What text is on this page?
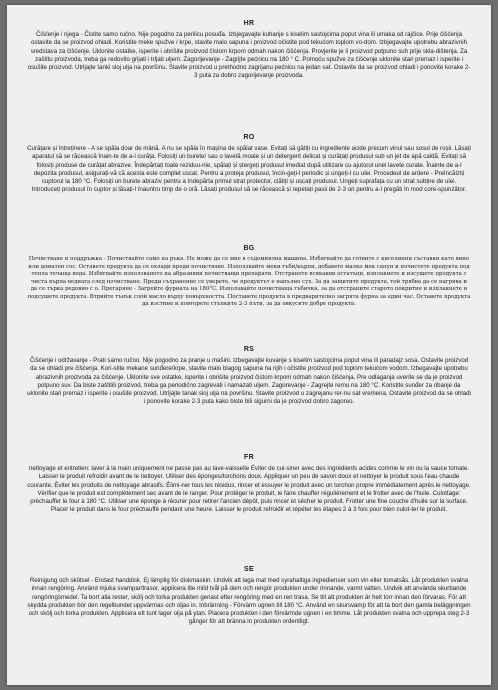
HR
Čišćenje i njega - Čistite samo ručno. Nije pogodno za perilicu posuđa. Izbjegavajte kuhanje s kiselim sastojcima poput vina ili umaka od rajčice. Prije čišćenja ostavite da se proizvod ohladi. Koristite meke spužve / krpe, stavite malo sapuna i proizvod očistite pod tekućom toplom vo-dom. Izbjegavajte upotrebu abrazivnih sredstava za čišćenje. Uklonite ostatke, isperite i obrišite proizvod čistom krpom odmah nakon čišćenja. Provjerite je li proizvod potpuno suh prije skla-dištenja. Za zaštitu proizvoda, treba ga redovito grijati i trljati uljem. Zagorijevanje - Zagrijte pećnicu na 180 ° C. Pomoću spužve za čišćenje uklonite stari premaz i isperite i osušite proizvod. Utrljajte tanki sloj ulja na površinu. Stavite proizvod u prethodno zagrijanu pećnicu na jedan sat. Ostavite da se proizvod ohladi i ponovite korake 2-3 puta za dobro zagorijevanje proizvoda.
RO
Curățare și întreținere - A se spăla doar de mână. A nu se spăla în mașina de spălat vase. Evitați să gătiți cu ingrediente acide precum vinul sau sosul de roșii. Lăsați aparatul să se răcească înain-te de a-l curăța. Folosiți un burete/ sau o lavetă moale și un detergent delicat și curățați produsul sub un jet de apă caldă. Evitați să folosiți produse de curățat abrazive. Îndepărtați toate reziduu-rile, spălați și ștergeți produsul imediat după utilizare cu ajutorul unei lavete curate. Înainte de a-l depozita produsul, asigurați-vă că acesta este complet uscat. Pentru a proteja produsul, încin-geți-l periodic și ungeți-l cu ulei. Procedeul de ardere - Preîncălziți cuptorul la 180 °C. Folosiți un burete abraziv pentru a îndepărta primul strat protector, clătiți și uscați produsul. Ungeți suprafața cu un strat subțire de ulei. Introduceți produsul în cuptor și lăsați-l înauntru timp de o oră. Lăsați produsul să se răcească și repetați pasii de 2-3 ori pentru a-l pregăti în mod core-spunzător.
BG
Почистване и поддръжка - Почиствайте само на ръка. Не може да се мие в съдомиялна машина. Избягвайте да готвите с киселинни съставки като вино или доматен сос. Оставете продукта да се охлади преди почистване. Използвайте меки гъби/кърпи, добавете малко мек сапун и почистете продукта под топла течаща вода. Избягвайте използването на абразивни почистващи препарати. Отстранете всякакви остатъци, изплакнете и изсушете продукта с чиста кърпа веднага след почистване. Преди съхранение се уверете, че продуктът е напълно сух. За да защитите продукта, той трябва да се нагрява и да се търка редовно с о. Прегаряне - Загрейте фурната на 180°C. Използвайте почистваща гъбичка, за да отстраните старото покритие и изплакнете и подсушете продукта. Втрийте тънък слой масло върху повърхността. Поставете продукта в предварително загрята фурна за един час. Оставете продукта да изстине и повторете стъпките 2-3 пъти, за да овкусите добре продукта.
RS
Čišćenje i održavanje - Prati samo ručno. Nije pogodno za pranje u mašini. Izbegavajte kuvanje s kiselim sastojcima poput vina ili paradajz sosa. Ostavite proizvod da se ohladi pre čišćenja. Kori-stite mekane sunđere/krpe, stavite malo blagog sapuna na njih i očistite proizvod pod toplom tekućom vodom. Izbegavajte upotrebu abrazivnih proizvoda za čišćenje. Uklonite sve ostatke, isperite i obrišite proizvod čistom krpom odmah nakon čišćenja. Pre odlaganja uverite se da je proizvod potpuno suv. Da biste zaštitili proizvod, treba ga periodično zagrevati i namazati uljem. Zagorevanje - Zagrejte rernu na 180 °C. Koristite sunđer za ribanje da uklonite stari premaz i isperite i osušite proizvod. Utrljajte tanak sloj ulja na površinu. Stavite proizvod u zagrejanu rer-nu sat vremena. Ostavite proizvod da se ohladi i ponovite korake 2-3 puta kako biste bili sigurni da je proizvod dobro zagoreo.
FR
nettoyage et entretien: laver à la main uniquement ne passe pas au lave-vaisselle Éviter de cui-siner avec des ingrédients acides comme le vin ou la sauce tomate. Laisser le produit refroidir avant de le nettoyer. Utiliser des éponges/torchons doux. Appliquer un peu de savon doux et nettoyer le produit sous l'eau chaude courante. Éviter les produits de nettoyage abrasifs. Élimi-ner tous les résidus, rincer et essuyer le produit avec un torchon propre immédiatement après le nettoyage. Vérifier que le produit est complètement sec avant de le ranger. Pour protéger le produit, le faire chauffer régulièrement et le frotter avec de l'huile. Culottage: préchauffer le four à 180 °C. Utiliser une éponge à récurer pour retirer l'ancien dépôt, puis rincer et sécher le produit. Frotter une fine couche d'huile sur la surface. Placer le produit dans le four préchauffé pendant une heure. Laisser le produit refroidir et répéter les étapes 2 à 3 fois pour bien culot-ter le produit.
SE
Reinigung och skötsel - Endast handdisk. Ej lämplig för diskmaskin. Undvik att laga mat med syrahaltiga ingredienser som vin eller tomatsås. Låt produkten svalna innan rengöring. Använd mjuka svampar/trasor, applicera lite mild tvål på dem och rengör produkten under rinnande, varmt vatten. Undvik att använda skurbande rengöringsmedel. Ta bort alla rester, skölj och torka produkten genast efter rengöring med en ren trasa. Se till att produkten är helt torr innan den förvaras. För att skydda produkten bör den regelbundet uppvärmas och oljas in. Inbränning - Förvärm ugnen till 180 °C. Använd en skursvamp för att ta bort den gamla beläggningen och skölj och torka produkten. Applicera ett tunt lager olja på ytan. Placera produkten i den förvärmde ugnen i en timme. Låt produkten svalna och upprepa steg 2-3 gånger för att bränna in produkten ordentligt.
